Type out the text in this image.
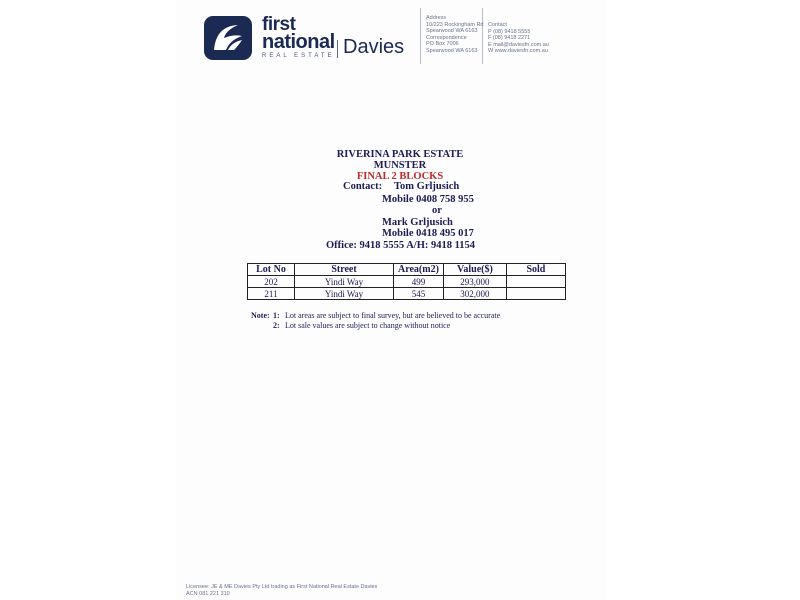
first
national
REAL ESTATE Davies
Address
10/223 Rockingham Rd
Spearwood WA 6163
Correspondence
PO Box 7006
Spearwood WA 6163
Contact
P (08) 9418 5555
F (08) 9418 2271
E mail@daviesfn.com.au
W www.daviesfn.com.au
RIVERINA PARK ESTATE
MUNSTER
FINAL 2 BLOCKS
Contact: Tom Grljusich
Mobile 0408 758 955
or
Mark Grljusich
Mobile 0418 495 017
Office: 9418 5555 A/H: 9418 1154
Lot No	Street	Area(m2)	Value($)	Sold
202	Yindi Way	499	293,000	
211	Yindi Way	545	302,000	
Note: 1: Lot areas are subject to final survey, but are believed to be accurate
2: Lot sale values are subject to change without notice
Licensee: JE & ME Davies Pty Ltd trading as First National Real Estate Davies
ACN 081 221 310
